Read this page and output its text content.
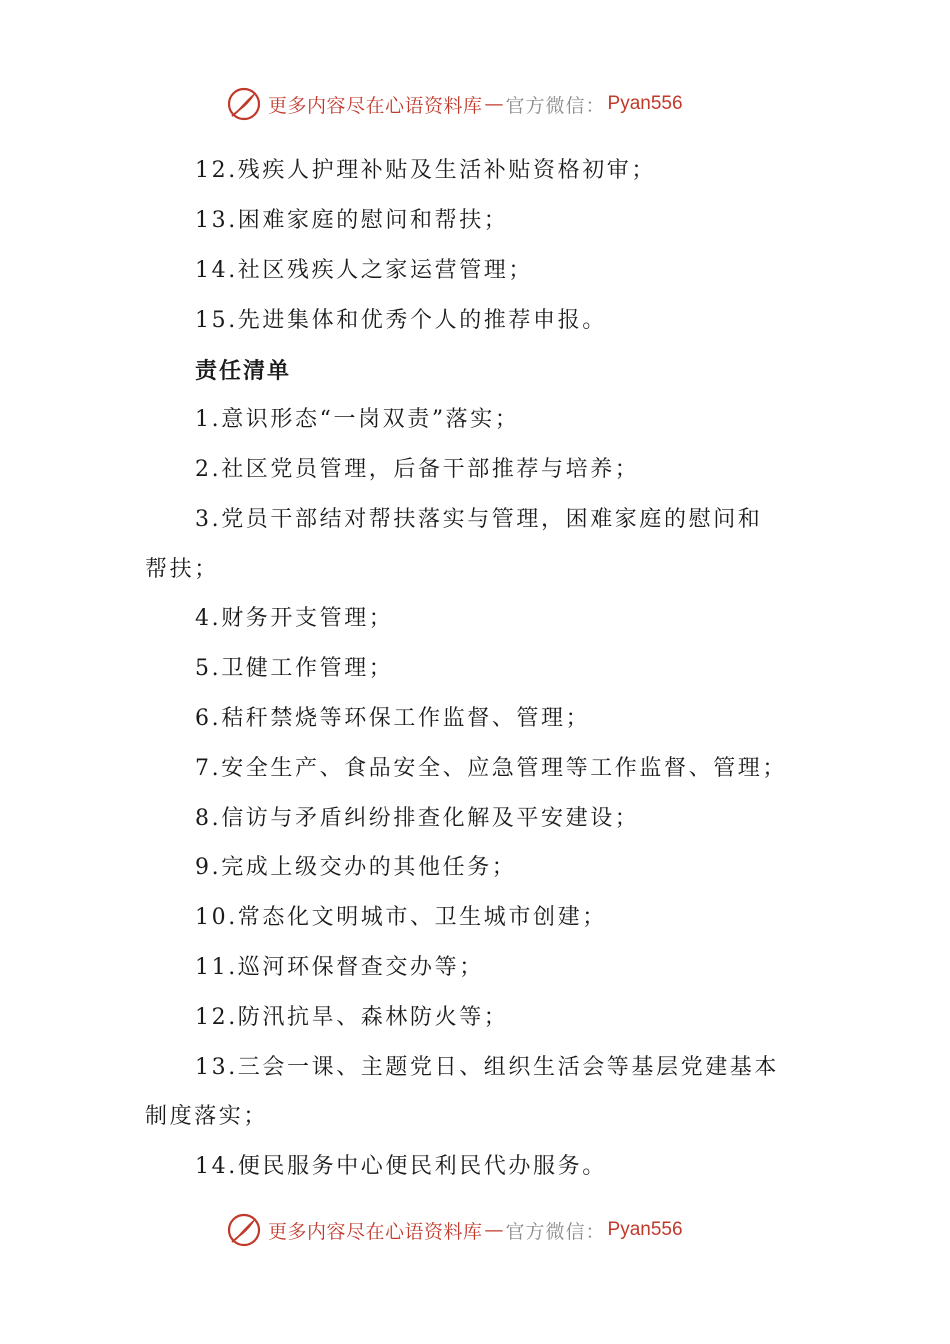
更多内容尽在心语资料库 — 官方微信： Pyan556
12.残疾人护理补贴及生活补贴资格初审；
13.困难家庭的慰问和帮扶；
14.社区残疾人之家运营管理；
15.先进集体和优秀个人的推荐申报。
责任清单
1.意识形态“一岗双责”落实；
2.社区党员管理，后备干部推荐与培养；
3.党员干部结对帮扶落实与管理，困难家庭的慰问和
帮扶；
4.财务开支管理；
5.卫健工作管理；
6.秸秆禁烧等环保工作监督、管理；
7.安全生产、食品安全、应急管理等工作监督、管理；
8.信访与矛盾纠纷排查化解及平安建设；
9.完成上级交办的其他任务；
10.常态化文明城市、卫生城市创建；
11.巡河环保督查交办等；
12.防汛抗旱、森林防火等；
13.三会一课、主题党日、组织生活会等基层党建基本
制度落实；
14.便民服务中心便民利民代办服务。
更多内容尽在心语资料库 — 官方微信： Pyan556
